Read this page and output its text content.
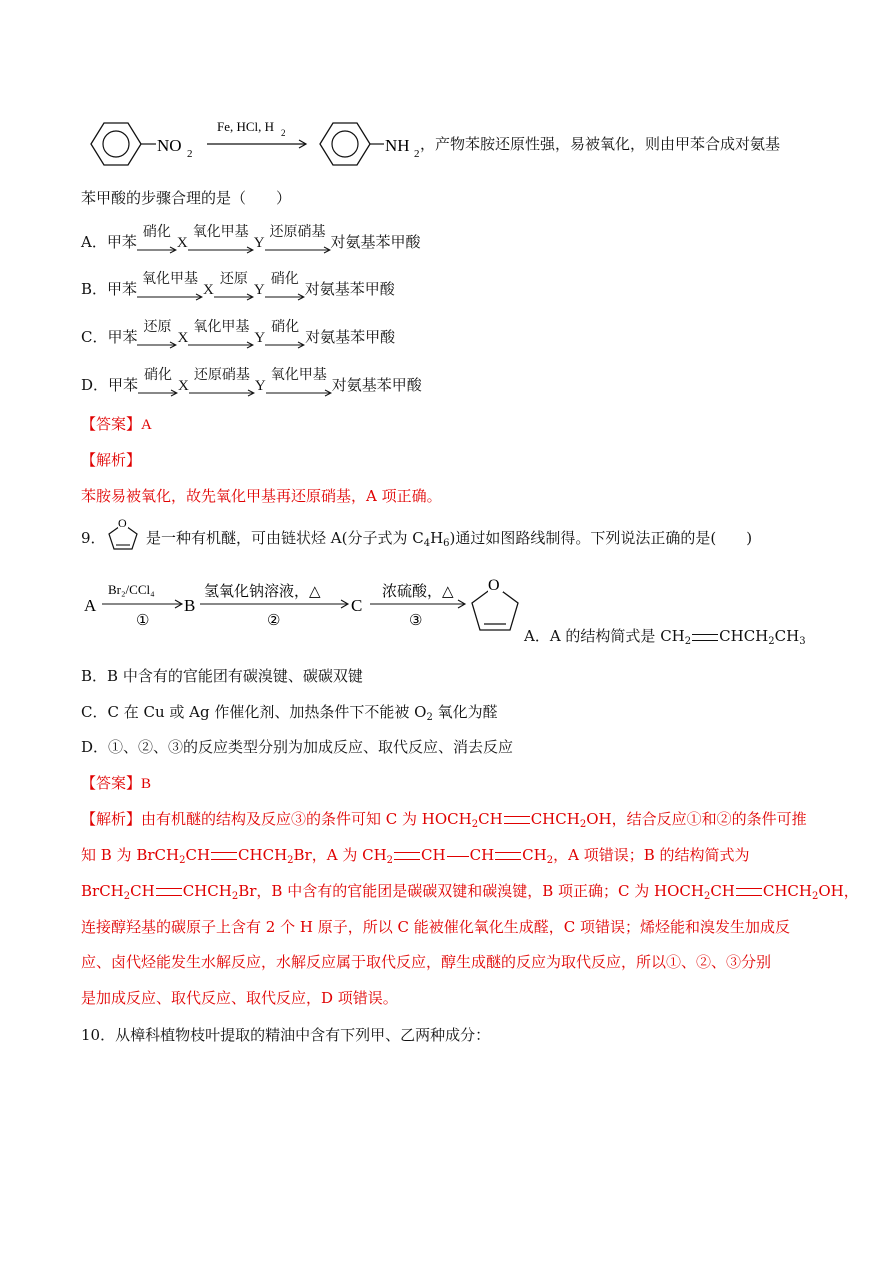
NO 2
Fe, HCl, H 2
NH 2
，产物苯胺还原性强，易被氧化，则由甲苯合成对氨基
苯甲酸的步骤合理的是（　　）
A．甲苯
硝化
X
氧化甲基
Y
还原硝基
对氨基苯甲酸
B．甲苯
氧化甲基
X
还原
Y
硝化
对氨基苯甲酸
C．甲苯
还原
X
氧化甲基
Y
硝化
对氨基苯甲酸
D．甲苯
硝化
X
还原硝基
Y
氧化甲基
对氨基苯甲酸
【答案】A
【解析】
苯胺易被氧化，故先氧化甲基再还原硝基，A 项正确。
9．
O
是一种有机醚，可由链状烃 A(分子式为 $C_4H_6$)通过如图路线制得。下列说法正确的是(　　)
A
Br₂/CCl₄
①
B
氢氧化钠溶液，△
②
C
浓硫酸，△
③
O
A．A 的结构简式是 $CH_2$ $CHCH_2CH_3$
B．B 中含有的官能团有碳溴键、碳碳双键
C．C 在 Cu 或 Ag 作催化剂、加热条件下不能被 $O_2$ 氧化为醛
D．①、②、③的反应类型分别为加成反应、取代反应、消去反应
【答案】B
【解析】由有机醚的结构及反应③的条件可知 C 为 $HOCH_2CH$ $CHCH_2OH$，结合反应①和②的条件可推
知 B 为 BrCH$_2$CH $CHCH_2Br$，A 为 $CH_2$ CH CH $CH_2$，A 项错误；B 的结构简式为
BrCH$_2$CH $CHCH_2Br$，B 中含有的官能团是碳碳双键和碳溴键，B 项正确；C 为 $HOCH_2CH$ $CHCH_2OH$，
连接醇羟基的碳原子上含有 2 个 H 原子，所以 C 能被催化氧化生成醛，C 项错误；烯烃能和溴发生加成反
应、卤代烃能发生水解反应，水解反应属于取代反应，醇生成醚的反应为取代反应，所以①、②、③分别
是加成反应、取代反应、取代反应，D 项错误。
10．从樟科植物枝叶提取的精油中含有下列甲、乙两种成分：
